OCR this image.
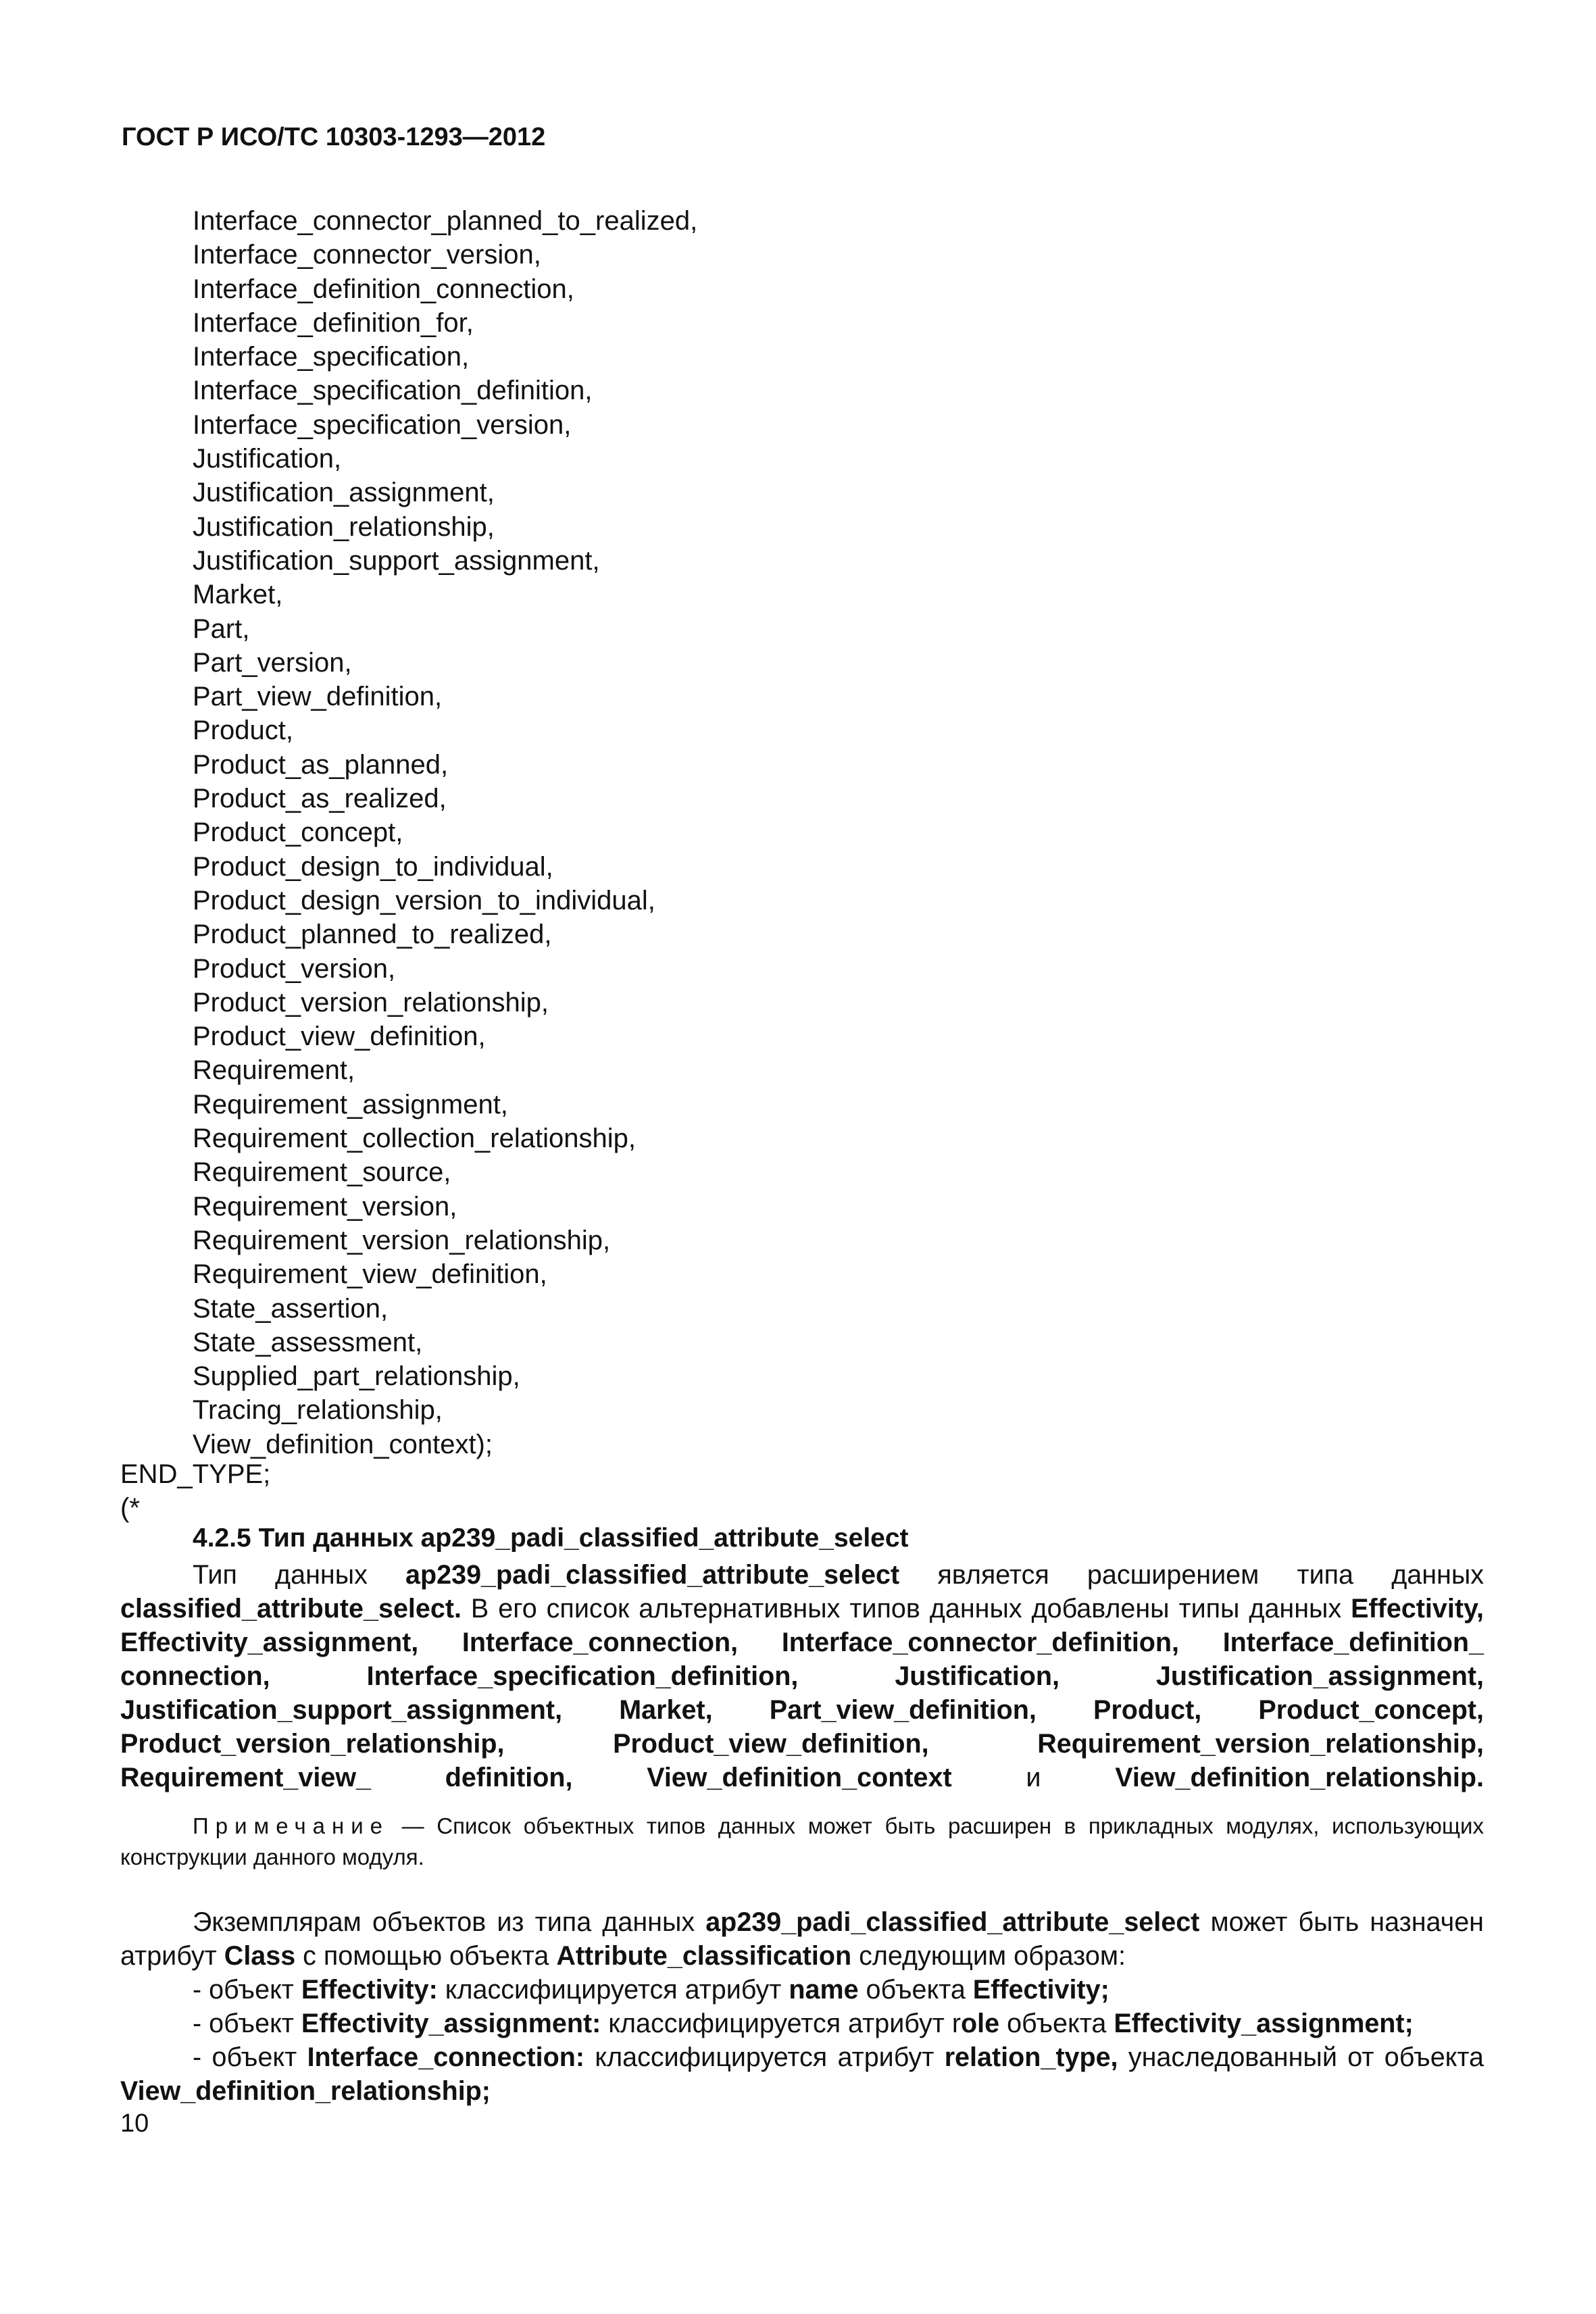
ГОСТ Р ИСО/ТС 10303-1293—2012
Interface_connector_planned_to_realized,
Interface_connector_version,
Interface_definition_connection,
Interface_definition_for,
Interface_specification,
Interface_specification_definition,
Interface_specification_version,
Justification,
Justification_assignment,
Justification_relationship,
Justification_support_assignment,
Market,
Part,
Part_version,
Part_view_definition,
Product,
Product_as_planned,
Product_as_realized,
Product_concept,
Product_design_to_individual,
Product_design_version_to_individual,
Product_planned_to_realized,
Product_version,
Product_version_relationship,
Product_view_definition,
Requirement,
Requirement_assignment,
Requirement_collection_relationship,
Requirement_source,
Requirement_version,
Requirement_version_relationship,
Requirement_view_definition,
State_assertion,
State_assessment,
Supplied_part_relationship,
Tracing_relationship,
View_definition_context);
END_TYPE;
(*
4.2.5 Тип данных ap239_padi_classified_attribute_select
Тип данных ap239_padi_classified_attribute_select является расширением типа данных classified_attribute_select. В его список альтернативных типов данных добавлены типы данных Effectivity, Effectivity_assignment, Interface_connection, Interface_connector_definition, Interface_definition_ connection, Interface_specification_definition, Justification, Justification_assignment, Justification_support_assignment, Market, Part_view_definition, Product, Product_concept, Product_version_relationship, Product_view_definition, Requirement_version_relationship, Requirement_view_ definition, View_definition_context и View_definition_relationship.
Примечание — Список объектных типов данных может быть расширен в прикладных модулях, использующих конструкции данного модуля.
Экземплярам объектов из типа данных ap239_padi_classified_attribute_select может быть назначен атрибут Class с помощью объекта Attribute_classification следующим образом:
- объект Effectivity: классифицируется атрибут name объекта Effectivity;
- объект Effectivity_assignment: классифицируется атрибут role объекта Effectivity_assignment;
- объект Interface_connection: классифицируется атрибут relation_type, унаследованный от объекта View_definition_relationship;
10
